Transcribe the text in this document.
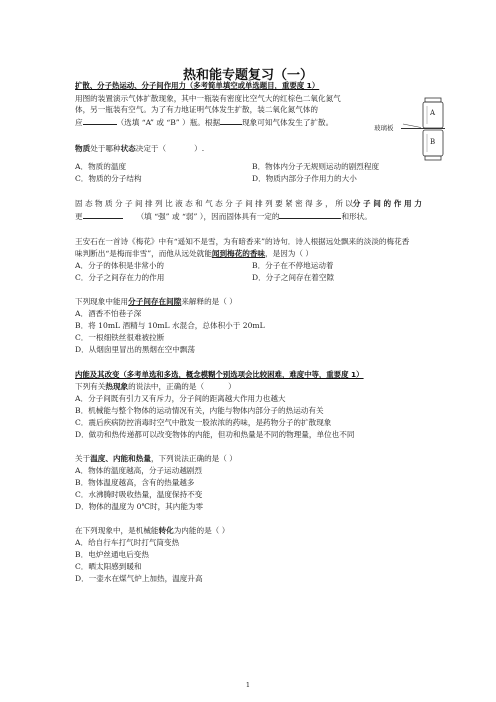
热和能专题复习（一）
扩散、分子热运动、分子间作用力（多考简单填空或单选题目，重要度 1）
用图的装置演示气体扩散现象，其中一瓶装有密度比空气大的红棕色二氧化氮气
体，另一瓶装有空气。为了有力地证明气体发生扩散，装二氧化氮气体的
应	（选填 “A” 或 “B” ）瓶。根据	现象可知气体发生了扩散。
玻璃板
A
B
物质处于哪种状态决定于（	）.
A．物质的温度	B．物体内分子无规则运动的剧烈程度
C．物质的分子结构	D．物质内部分子作用力的大小
固 态 物 质 分 子 间 排 列 比 液 态 和 气 态 分 子 间 排 列 要 紧 密 得 多 ， 所 以分 子 间 的 作 用 力
更	（填 “强” 或 “弱” ），因而固体具有一定的	和形状。
王安石在一首诗《梅花》中有“遥知不是雪，为有暗香来”的诗句．诗人根据远处飘来的淡淡的梅花香
味判断出“是梅而非雪”，而他从远处就能闻到梅花的香味，是因为（ ）
A．分子的体积是非常小的	B．分子在不停地运动着
C．分子之间存在力的作用	D．分子之间存在着空隙
下列现象中能用分子间存在间隙来解释的是（ ）
A．酒香不怕巷子深
B．将 10mL 酒精与 10mL 水混合，总体积小于 20mL
C．一根细铁丝很难被拉断
D．从烟囱里冒出的黑烟在空中飘荡
内能及其改变（多考单选和多选，概念模糊个别选项会比较困难，难度中等，重要度 1）
下列有关热现象的说法中，正确的是（	）
A．分子间既有引力又有斥力，分子间的距离越大作用力也越大
B．机械能与整个物体的运动情况有关，内能与物体内部分子的热运动有关
C．震后疾病防控消毒时空气中散发一股浓浓的药味，是药物分子的扩散现象
D．做功和热传递都可以改变物体的内能，但功和热量是不同的物理量，单位也不同
关于温度、内能和热量，下列说法正确的是（ ）
A．物体的温度越高，分子运动越剧烈
B．物体温度越高，含有的热量越多
C．水沸腾时吸收热量，温度保持不变
D．物体的温度为 0℃时，其内能为零
在下列现象中，是机械能转化为内能的是（ ）
A．给自行车打气时打气筒变热
B．电炉丝通电后变热
C．晒太阳感到暖和
D．一壶水在煤气炉上加热，温度升高
1
